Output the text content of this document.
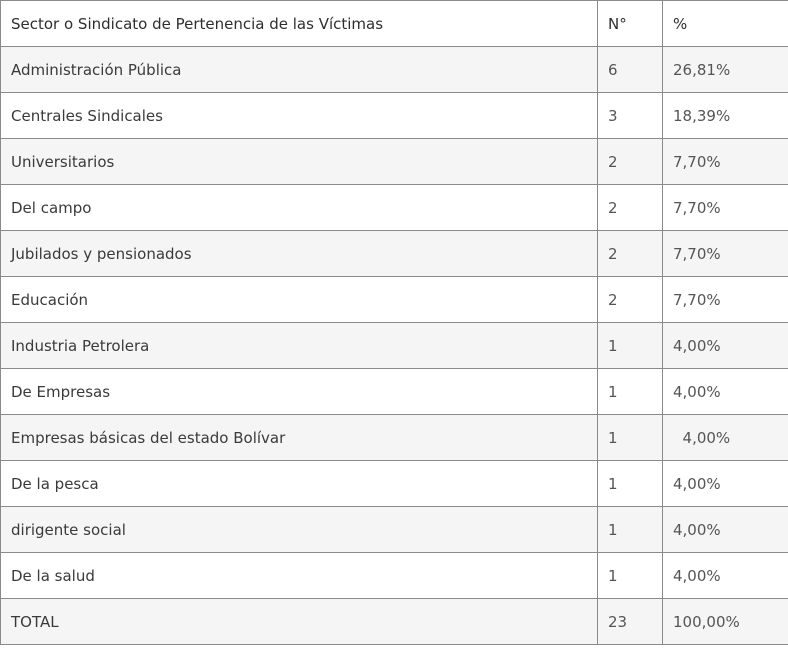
Sector o Sindicato de Pertenencia de las Víctimas	N°	%
Administración Pública	6	26,81%
Centrales Sindicales	3	18,39%
Universitarios	2	7,70%
Del campo	2	7,70%
Jubilados y pensionados	2	7,70%
Educación	2	7,70%
Industria Petrolera	1	4,00%
De Empresas	1	4,00%
Empresas básicas del estado Bolívar	1	4,00%
De la pesca	1	4,00%
dirigente social	1	4,00%
De la salud	1	4,00%
TOTAL	23	100,00%
